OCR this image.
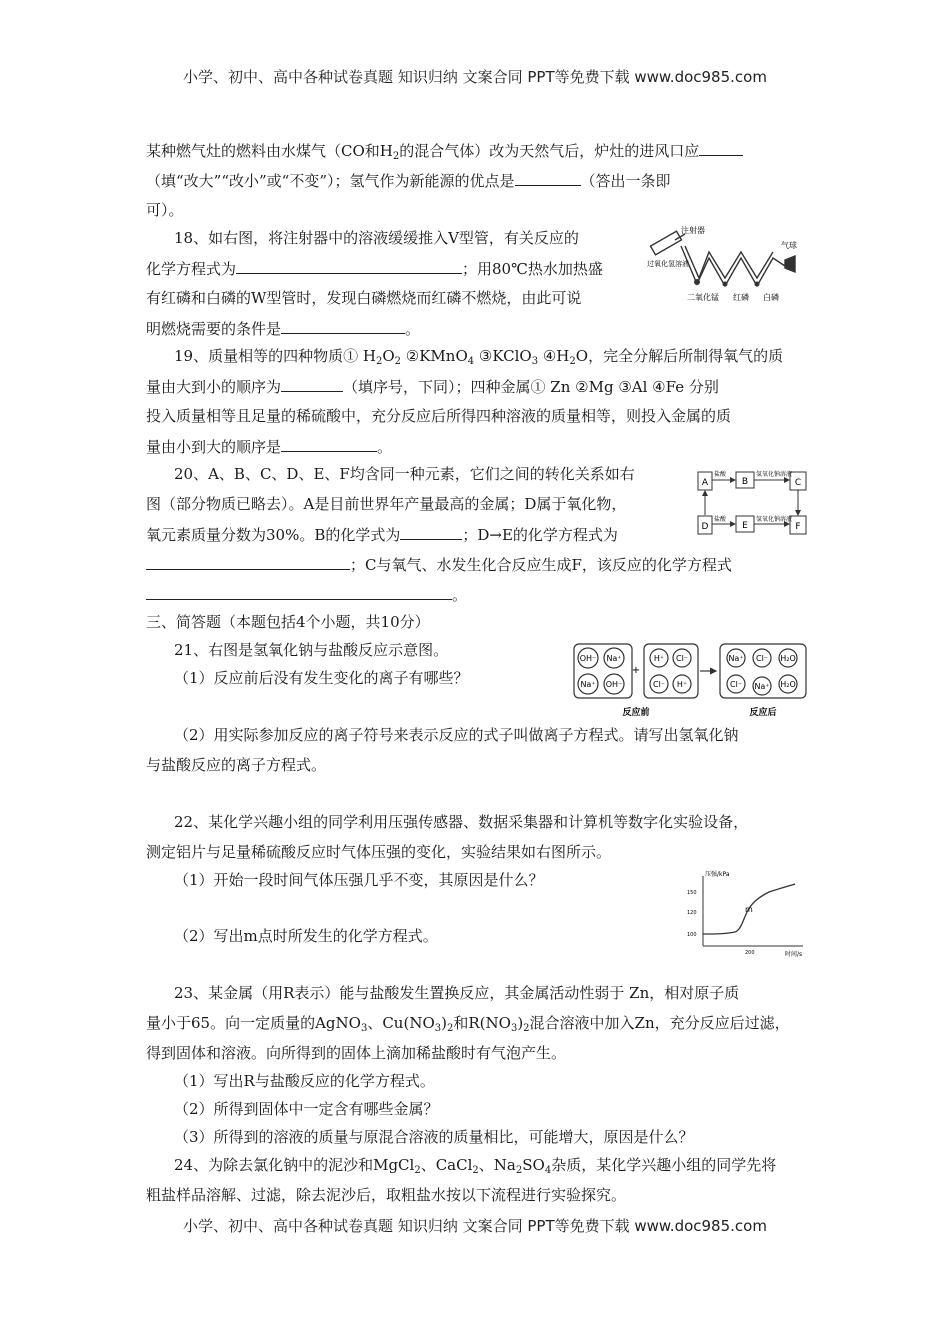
小学、初中、高中各种试卷真题 知识归纳 文案合同 PPT等免费下载 www.doc985.com
某种燃气灶的燃料由水煤气（CO和$H_2$的混合气体）改为天然气后，炉灶的进风口应
（填“改大”“改小”或“不变”）；氢气作为新能源的优点是	（答出一条即
可）。
18、如右图，将注射器中的溶液缓缓推入V型管，有关反应的
化学方程式为	；用80℃热水加热盛
有红磷和白磷的W型管时，发现白磷燃烧而红磷不燃烧，由此可说
明燃烧需要的条件是	。
注射器
过氧化氢溶液
二氧化锰 红磷 白磷
气球
19、质量相等的四种物质① $H_2O_2$ ②KMnO$_4$ ③KClO$_3$ $④H_2O$，完全分解后所制得氧气的质
量由大到小的顺序为	（填序号，下同）；四种金属① Zn ②Mg ③Al ④Fe 分别
投入质量相等且足量的稀硫酸中，充分反应后所得四种溶液的质量相等，则投入金属的质
量由小到大的顺序是	。
20、A、B、C、D、E、F均含同一种元素，它们之间的转化关系如右
图（部分物质已略去）。A是目前世界年产量最高的金属；D属于氧化物，
氧元素质量分数为30%。B的化学式为	；D→E的化学方程式为
；C与氧气、水发生化合反应生成F，该反应的化学方程式
。
A	B	C
D	E	F
盐酸	氢氧化钠溶液
盐酸	氢氧化钠溶液
三、简答题（本题包括4个小题，共10分）
21、右图是氢氧化钠与盐酸反应示意图。
（1）反应前后没有发生变化的离子有哪些？
OH⁻ Na⁺
Na⁺ OH⁻
H⁺ Cl⁻
Cl⁻ H⁺
Na⁺ Cl⁻ H₂O
Cl⁻ Na⁺ H₂O
+
反应前	反应后
（2）用实际参加反应的离子符号来表示反应的式子叫做离子方程式。请写出氢氧化钠
与盐酸反应的离子方程式。
22、某化学兴趣小组的同学利用压强传感器、数据采集器和计算机等数字化实验设备，
测定铝片与足量稀硫酸反应时气体压强的变化，实验结果如右图所示。
（1）开始一段时间气体压强几乎不变，其原因是什么？
（2）写出m点时所发生的化学方程式。
压强/kPa
时间/s
150
120
100
200
m
23、某金属（用R表示）能与盐酸发生置换反应，其金属活动性弱于 Zn，相对原子质
量小于65。向一定质量的AgNO$_3$、$Cu(NO_3)_2$和$R(NO_3)_2$混合溶液中加入Zn，充分反应后过滤，
得到固体和溶液。向所得到的固体上滴加稀盐酸时有气泡产生。
（1）写出R与盐酸反应的化学方程式。
（2）所得到固体中一定含有哪些金属？
（3）所得到的溶液的质量与原混合溶液的质量相比，可能增大，原因是什么？
24、为除去氯化钠中的泥沙和MgCl$_2$、CaCl$_2$、$Na_2SO_4$杂质，某化学兴趣小组的同学先将
粗盐样品溶解、过滤，除去泥沙后，取粗盐水按以下流程进行实验探究。
小学、初中、高中各种试卷真题 知识归纳 文案合同 PPT等免费下载 www.doc985.com
